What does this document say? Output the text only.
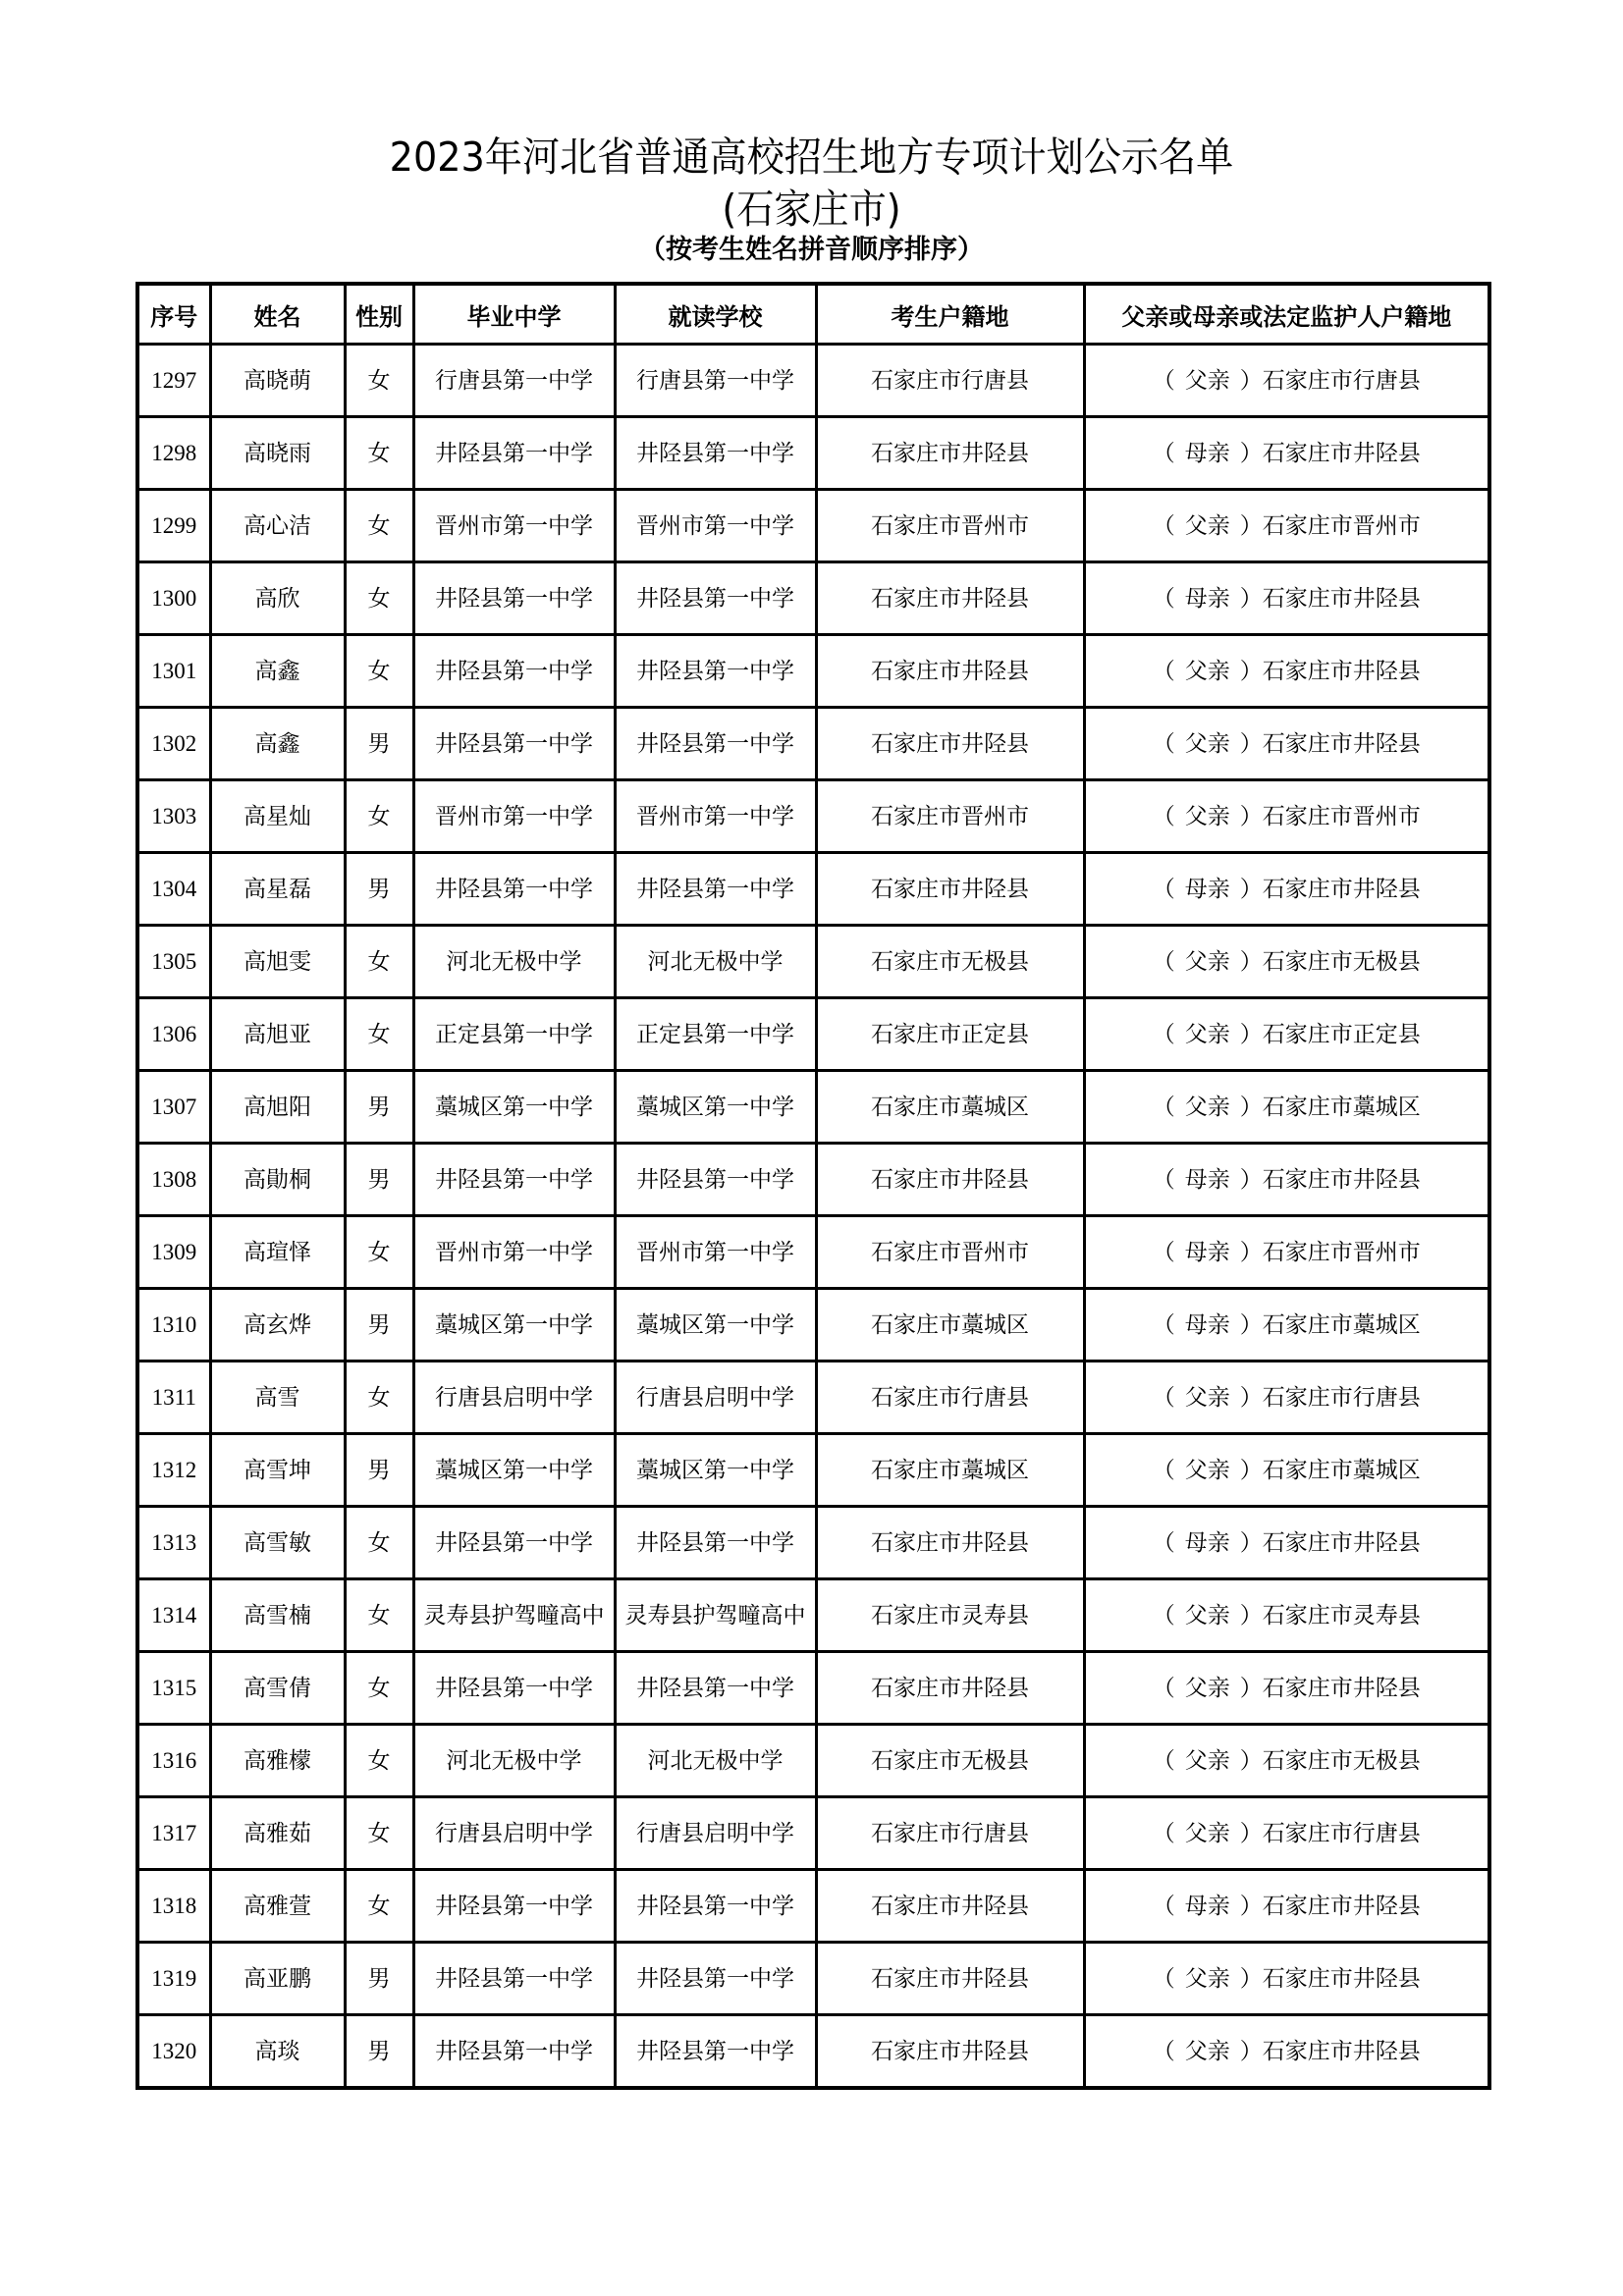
2023年河北省普通高校招生地方专项计划公示名单
(石家庄市)
（按考生姓名拼音顺序排序）
序号	姓名	性别	毕业中学	就读学校	考生户籍地	父亲或母亲或法定监护人户籍地
1297	高晓萌	女	行唐县第一中学	行唐县第一中学	石家庄市行唐县	（ 父亲 ）石家庄市行唐县
1298	高晓雨	女	井陉县第一中学	井陉县第一中学	石家庄市井陉县	（ 母亲 ）石家庄市井陉县
1299	高心洁	女	晋州市第一中学	晋州市第一中学	石家庄市晋州市	（ 父亲 ）石家庄市晋州市
1300	高欣	女	井陉县第一中学	井陉县第一中学	石家庄市井陉县	（ 母亲 ）石家庄市井陉县
1301	高鑫	女	井陉县第一中学	井陉县第一中学	石家庄市井陉县	（ 父亲 ）石家庄市井陉县
1302	高鑫	男	井陉县第一中学	井陉县第一中学	石家庄市井陉县	（ 父亲 ）石家庄市井陉县
1303	高星灿	女	晋州市第一中学	晋州市第一中学	石家庄市晋州市	（ 父亲 ）石家庄市晋州市
1304	高星磊	男	井陉县第一中学	井陉县第一中学	石家庄市井陉县	（ 母亲 ）石家庄市井陉县
1305	高旭雯	女	河北无极中学	河北无极中学	石家庄市无极县	（ 父亲 ）石家庄市无极县
1306	高旭亚	女	正定县第一中学	正定县第一中学	石家庄市正定县	（ 父亲 ）石家庄市正定县
1307	高旭阳	男	藁城区第一中学	藁城区第一中学	石家庄市藁城区	（ 父亲 ）石家庄市藁城区
1308	高勛桐	男	井陉县第一中学	井陉县第一中学	石家庄市井陉县	（ 母亲 ）石家庄市井陉县
1309	高瑄怿	女	晋州市第一中学	晋州市第一中学	石家庄市晋州市	（ 母亲 ）石家庄市晋州市
1310	高玄烨	男	藁城区第一中学	藁城区第一中学	石家庄市藁城区	（ 母亲 ）石家庄市藁城区
1311	高雪	女	行唐县启明中学	行唐县启明中学	石家庄市行唐县	（ 父亲 ）石家庄市行唐县
1312	高雪坤	男	藁城区第一中学	藁城区第一中学	石家庄市藁城区	（ 父亲 ）石家庄市藁城区
1313	高雪敏	女	井陉县第一中学	井陉县第一中学	石家庄市井陉县	（ 母亲 ）石家庄市井陉县
1314	高雪楠	女	灵寿县护驾疃高中	灵寿县护驾疃高中	石家庄市灵寿县	（ 父亲 ）石家庄市灵寿县
1315	高雪倩	女	井陉县第一中学	井陉县第一中学	石家庄市井陉县	（ 父亲 ）石家庄市井陉县
1316	高雅檬	女	河北无极中学	河北无极中学	石家庄市无极县	（ 父亲 ）石家庄市无极县
1317	高雅茹	女	行唐县启明中学	行唐县启明中学	石家庄市行唐县	（ 父亲 ）石家庄市行唐县
1318	高雅萱	女	井陉县第一中学	井陉县第一中学	石家庄市井陉县	（ 母亲 ）石家庄市井陉县
1319	高亚鹏	男	井陉县第一中学	井陉县第一中学	石家庄市井陉县	（ 父亲 ）石家庄市井陉县
1320	高琰	男	井陉县第一中学	井陉县第一中学	石家庄市井陉县	（ 父亲 ）石家庄市井陉县
